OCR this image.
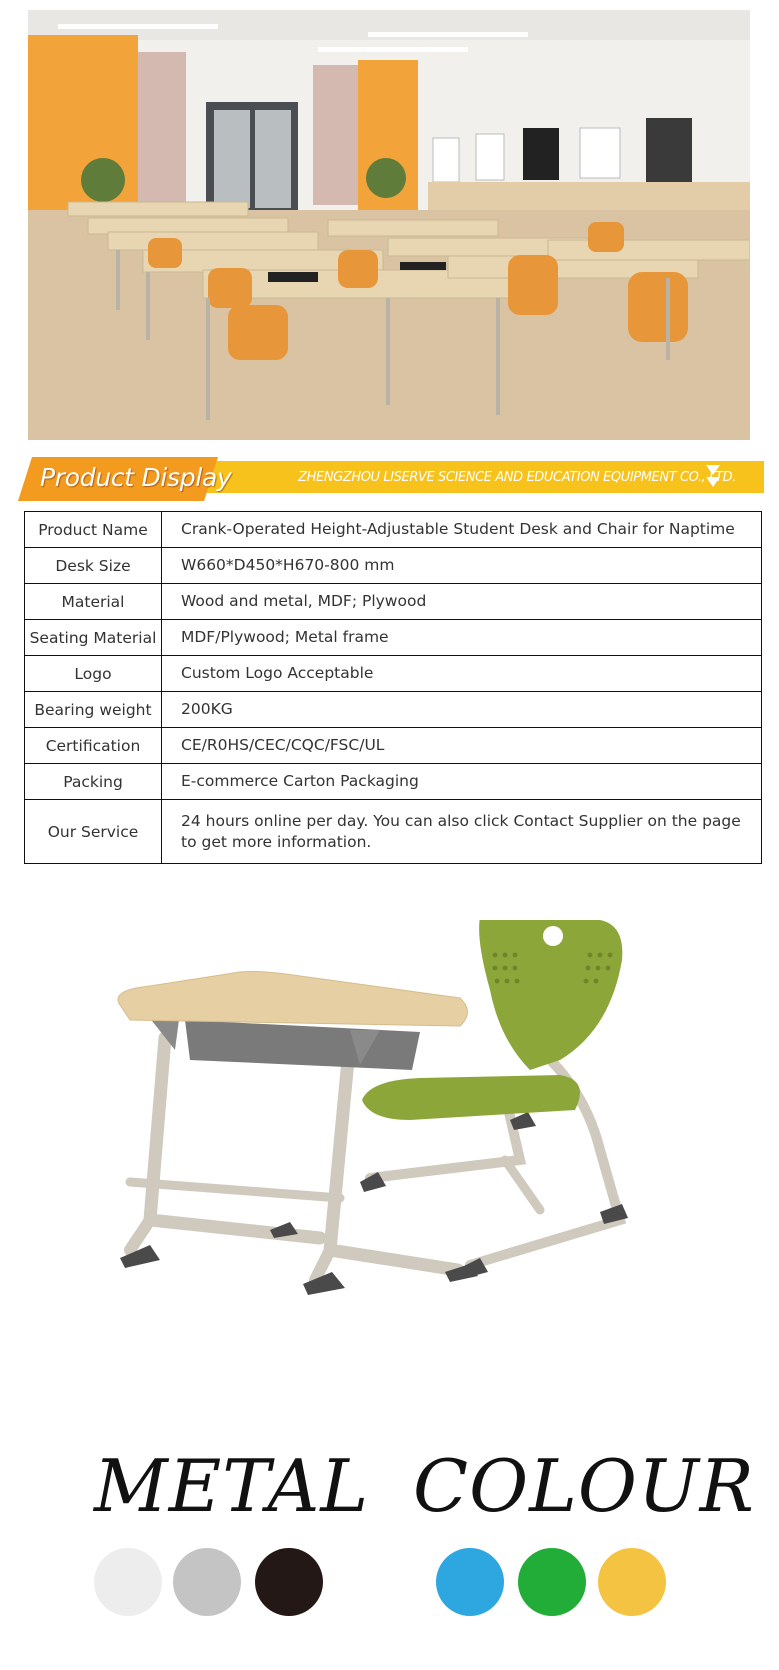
Product Display	ZHENGZHOU LISERVE SCIENCE AND EDUCATION EQUIPMENT CO., LTD.
Product Name	Crank-Operated Height-Adjustable Student Desk and Chair for Naptime
Desk Size	W660*D450*H670-800 mm
Material	Wood and metal, MDF; Plywood
Seating Material	MDF/Plywood; Metal frame
Logo	Custom Logo Acceptable
Bearing weight	200KG
Certification	CE/R0HS/CEC/CQC/FSC/UL
Packing	E-commerce Carton Packaging
Our Service	24 hours online per day. You can also click Contact Supplier on the page to get more information.
METAL COLOUR
